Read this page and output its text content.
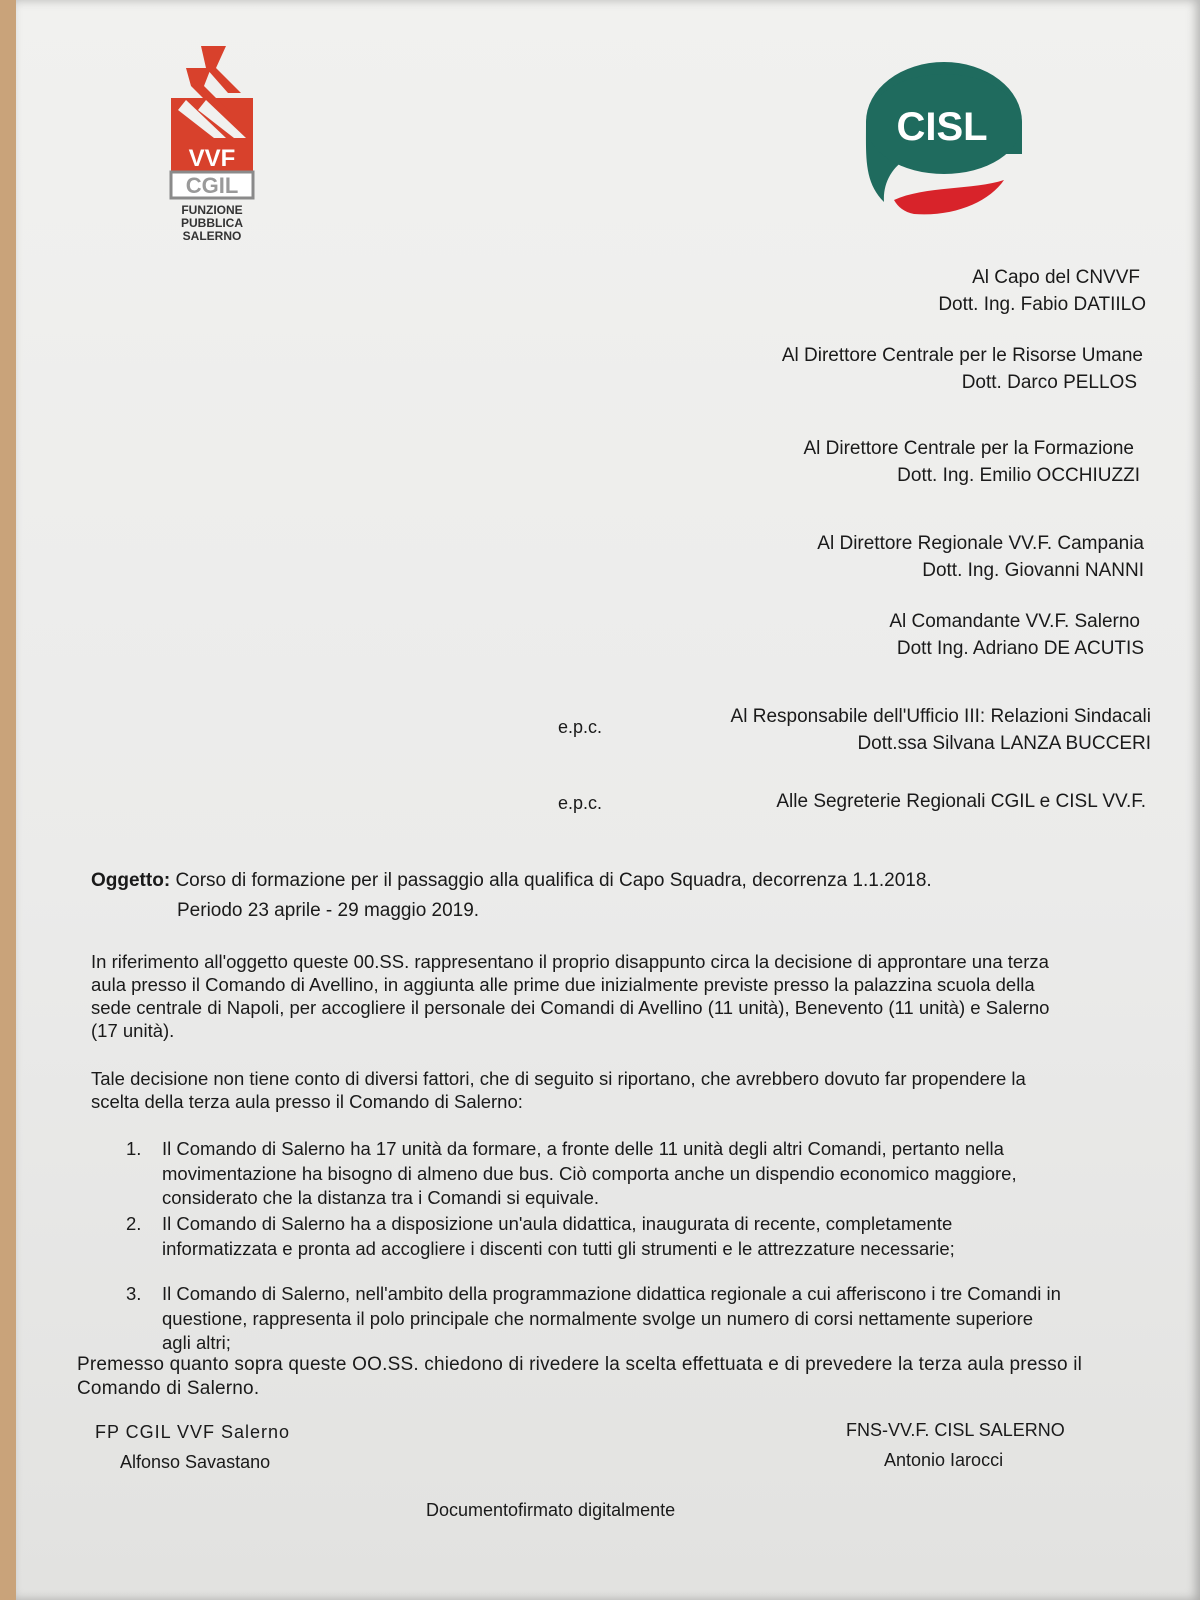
VVF
CGIL
FUNZIONE
PUBBLICA
SALERNO
CISL
Al Capo del CNVVF
Dott. Ing. Fabio DATIILO
Al Direttore Centrale per le Risorse Umane
Dott. Darco PELLOS
Al Direttore Centrale per la Formazione
Dott. Ing. Emilio OCCHIUZZI
Al Direttore Regionale VV.F. Campania
Dott. Ing. Giovanni NANNI
Al Comandante VV.F. Salerno
Dott Ing. Adriano DE ACUTIS
e.p.c.	Al Responsabile dell'Ufficio III: Relazioni Sindacali
Dott.ssa Silvana LANZA BUCCERI
e.p.c.	Alle Segreterie Regionali CGIL e CISL VV.F.
Oggetto: Corso di formazione per il passaggio alla qualifica di Capo Squadra, decorrenza 1.1.2018.
Periodo 23 aprile - 29 maggio 2019.
In riferimento all'oggetto queste 00.SS. rappresentano il proprio disappunto circa la decisione di approntare una terza aula presso il Comando di Avellino, in aggiunta alle prime due inizialmente previste presso la palazzina scuola della sede centrale di Napoli, per accogliere il personale dei Comandi di Avellino (11 unità), Benevento (11 unità) e Salerno (17 unità).
Tale decisione non tiene conto di diversi fattori, che di seguito si riportano, che avrebbero dovuto far propendere la scelta della terza aula presso il Comando di Salerno:
1. Il Comando di Salerno ha 17 unità da formare, a fronte delle 11 unità degli altri Comandi, pertanto nella movimentazione ha bisogno di almeno due bus. Ciò comporta anche un dispendio economico maggiore, considerato che la distanza tra i Comandi si equivale.
2. Il Comando di Salerno ha a disposizione un'aula didattica, inaugurata di recente, completamente informatizzata e pronta ad accogliere i discenti con tutti gli strumenti e le attrezzature necessarie;
3. Il Comando di Salerno, nell'ambito della programmazione didattica regionale a cui afferiscono i tre Comandi in questione, rappresenta il polo principale che normalmente svolge un numero di corsi nettamente superiore agli altri;
Premesso quanto sopra queste OO.SS. chiedono di rivedere la scelta effettuata e di prevedere la terza aula presso il Comando di Salerno.
FP CGIL VVF Salerno
Alfonso Savastano
FNS-VV.F. CISL SALERNO
Antonio Iarocci
Documentofirmato digitalmente
